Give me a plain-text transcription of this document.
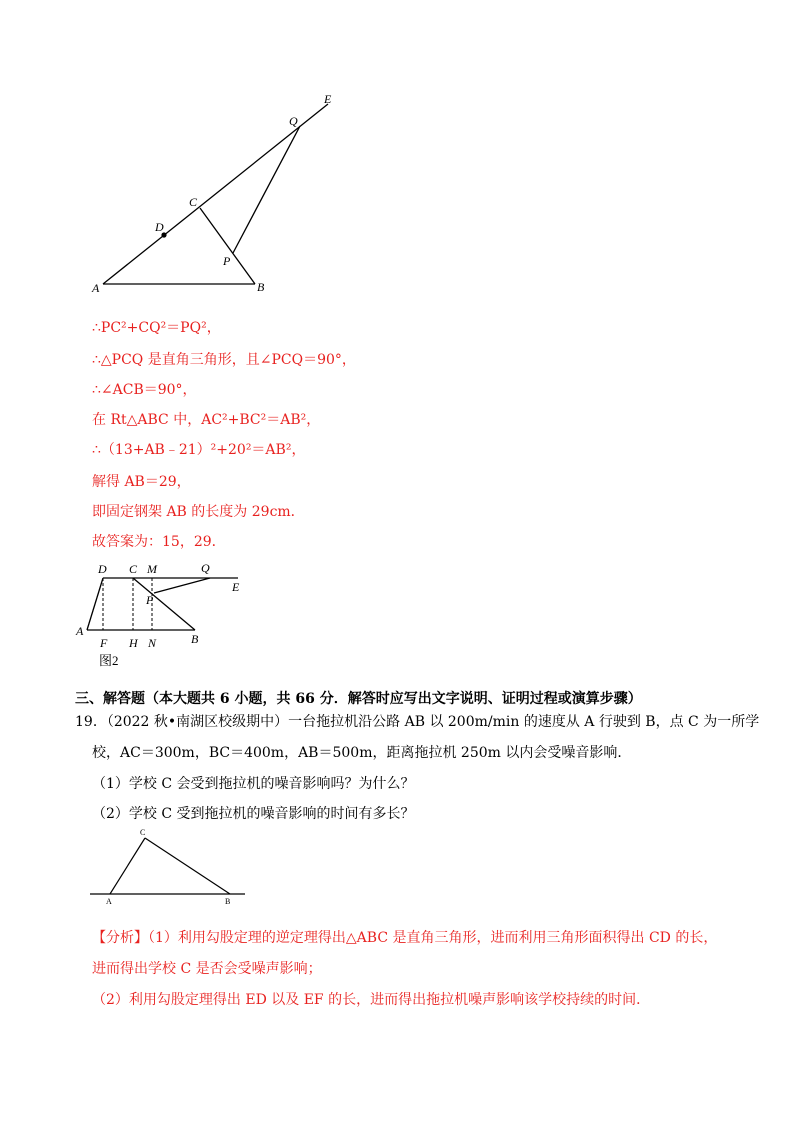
E
Q
C
D
P
A	B
∴PC²+CQ²＝PQ²，
∴△PCQ 是直角三角形，且∠PCQ＝90°，
∴∠ACB＝90°，
在 Rt△ABC 中，AC²+BC²＝AB²，
∴（13+AB﹣21）²+20²＝AB²，
解得 AB＝29，
即固定钢架 AB 的长度为 29cm．
故答案为：15，29．
D C M	Q
E
P
A
F H N	B
图2
三、解答题（本大题共 6 小题，共 66 分．解答时应写出文字说明、证明过程或演算步骤）
19．（2022 秋•南湖区校级期中）一台拖拉机沿公路 AB 以 200m/min 的速度从 A 行驶到 B，点 C 为一所学
校，AC＝300m，BC＝400m，AB＝500m，距离拖拉机 250m 以内会受噪音影响．
（1）学校 C 会受到拖拉机的噪音影响吗？为什么？
（2）学校 C 受到拖拉机的噪音影响的时间有多长？
C
A	B
【分析】（1）利用勾股定理的逆定理得出△ABC 是直角三角形，进而利用三角形面积得出 CD 的长，
进而得出学校 C 是否会受噪声影响；
（2）利用勾股定理得出 ED 以及 EF 的长，进而得出拖拉机噪声影响该学校持续的时间．
